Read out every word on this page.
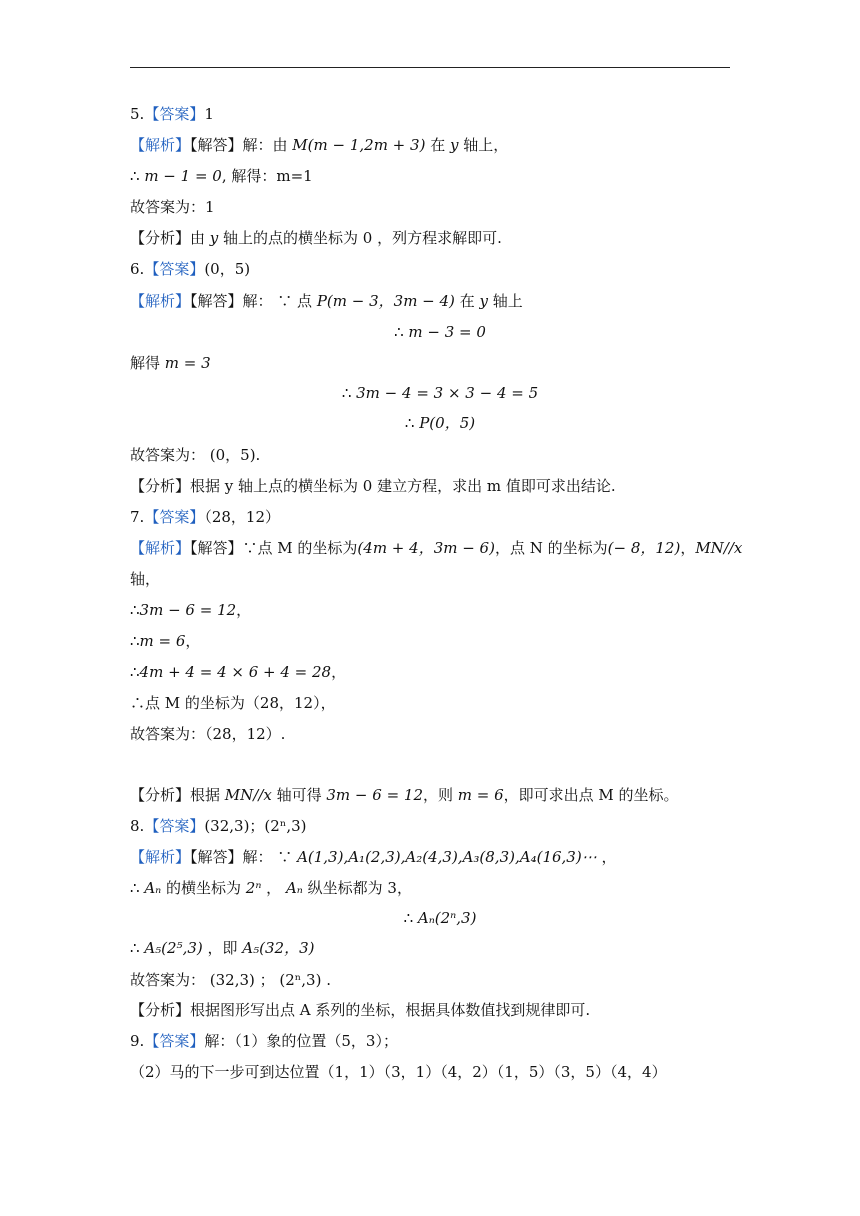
5.【答案】1
【解析】【解答】解：由 M(m − 1,2m + 3) 在 y 轴上，
∴ m − 1 = 0, 解得：m=1
故答案为：1
【分析】由 y 轴上的点的横坐标为 0 ，列方程求解即可.
6.【答案】(0，5)
【解析】【解答】解： ∵ 点 P(m − 3，3m − 4) 在 y 轴上
∴ m − 3 = 0
解得 m = 3
∴ 3m − 4 = 3 × 3 − 4 = 5
∴ P(0，5)
故答案为： (0，5).
【分析】根据 y 轴上点的横坐标为 0 建立方程，求出 m 值即可求出结论.
7.【答案】（28，12）
【解析】【解答】∵点 M 的坐标为(4m + 4，3m − 6)，点 N 的坐标为(− 8，12)，MN//x
轴，
∴3m − 6 = 12，
∴m = 6，
∴4m + 4 = 4 × 6 + 4 = 28，
∴点 M 的坐标为（28，12），
故答案为：（28，12）.
【分析】根据 MN//x 轴可得 3m − 6 = 12，则 m = 6，即可求出点 M 的坐标。
8.【答案】(32,3)；(2ⁿ,3)
【解析】【解答】解： ∵ A(1,3),A₁(2,3),A₂(4,3),A₃(8,3),A₄(16,3)⋯ ，
∴ Aₙ 的横坐标为 2ⁿ ， Aₙ 纵坐标都为 3，
∴ Aₙ(2ⁿ,3)
∴ A₅(2⁵,3) ，即 A₅(32，3)
故答案为： (32,3) ； (2ⁿ,3) .
【分析】根据图形写出点 A 系列的坐标，根据具体数值找到规律即可.
9.【答案】解：（1）象的位置（5，3）；
（2）马的下一步可到达位置（1，1）（3，1）（4，2）（1，5）（3，5）（4，4）
